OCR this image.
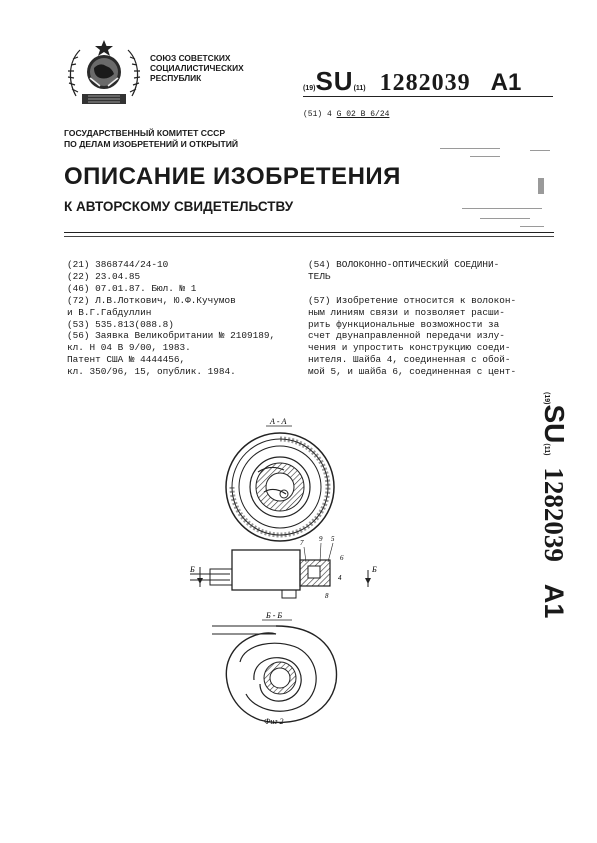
СОЮЗ СОВЕТСКИХ
СОЦИАЛИСТИЧЕСКИХ
РЕСПУБЛИК
(19)SU(11) 1282039 A1
(51) 4 G 02 B 6/24
ГОСУДАРСТВЕННЫЙ КОМИТЕТ СССР
ПО ДЕЛАМ ИЗОБРЕТЕНИЙ И ОТКРЫТИЙ
ОПИСАНИЕ ИЗОБРЕТЕНИЯ
К АВТОРСКОМУ СВИДЕТЕЛЬСТВУ
(21) 3868744/24-10
(22) 23.04.85
(46) 07.01.87. Бюл. № 1
(72) Л.В.Лоткович, Ю.Ф.Кучумов
и В.Г.Габдуллин
(53) 535.813(088.8)
(56) Заявка Великобритании № 2109189,
кл. Н 04 В 9/00, 1983.
Патент США № 4444456,
кл. 350/96, 15, опублик. 1984.
(54) ВОЛОКОННО-ОПТИЧЕСКИЙ СОЕДИНИ-
ТЕЛЬ

(57) Изобретение относится к волокон-
ным линиям связи и позволяет расши-
рить функциональные возможности за
счет двунаправленной передачи излу-
чения и упростить конструкцию соеди-
нителя. Шайба 4, соединенная с обой-
мой 5, и шайба 6, соединенная с цент-
А - А
Б	Б
7 9 5
6
4
8
Б - Б
Фиг 2
(19)SU(11)1282039A1
